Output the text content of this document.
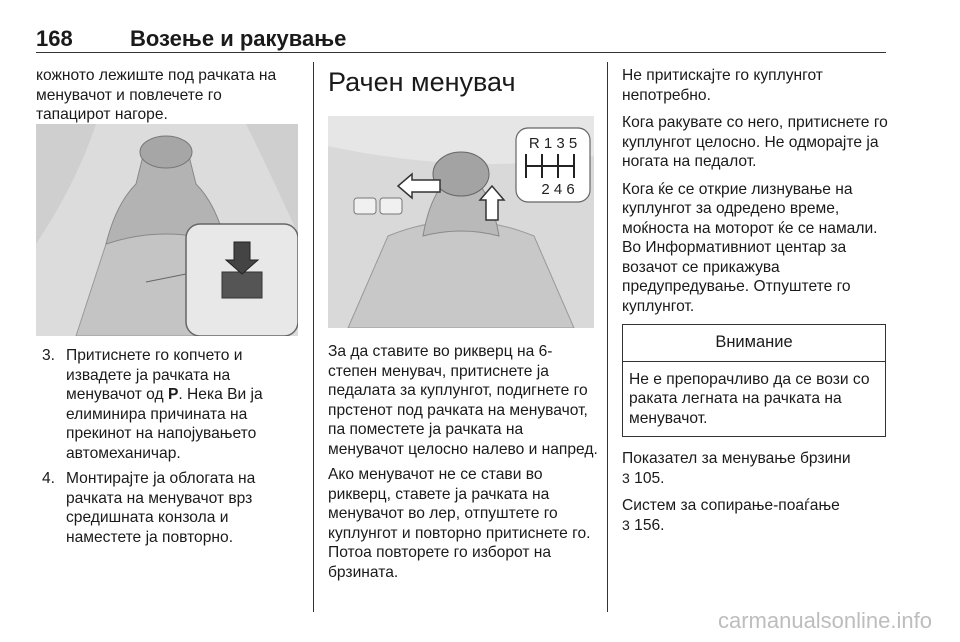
168	Возење и ракување

кожното лежиште под рачката на менувачот и повлечете го тапацирот нагоре.

3. Притиснете го копчето и извадете ја рачката на менувачот од P. Нека Ви ја елиминира причината на прекинот на напојувањето автомеханичар.
4. Монтирајте ја облогата на рачката на менувачот врз средишната конзола и наместете ја повторно.
Рачен менувач
R 1 3 5
2 4 6

За да ставите во рикверц на 6-степен менувач, притиснете ја педалата за куплунгот, подигнете го прстенот под рачката на менувачот, па поместете ја рачката на менувачот целосно налево и напред.

Ако менувачот не се стави во рикверц, ставете ја рачката на менувачот во лер, отпуштете го куплунгот и повторно притиснете го. Потоа повторете го изборот на брзината.

Не притискајте го куплунгот непотребно.

Кога ракувате со него, притиснете го куплунгот целосно. Не одморајте ја ногата на педалот.

Кога ќе се открие лизнување на куплунгот за одредено време, моќноста на моторот ќе се намали. Во Информативниот центар за возачот се прикажува предупредување. Отпуштете го куплунгот.

Внимание
Не е препорачливо да се вози со раката легната на рачката на менувачот.

Показател за менување брзини
3 105.

Систем за сопирање-поаѓање
3 156.

carmanualsonline.info
